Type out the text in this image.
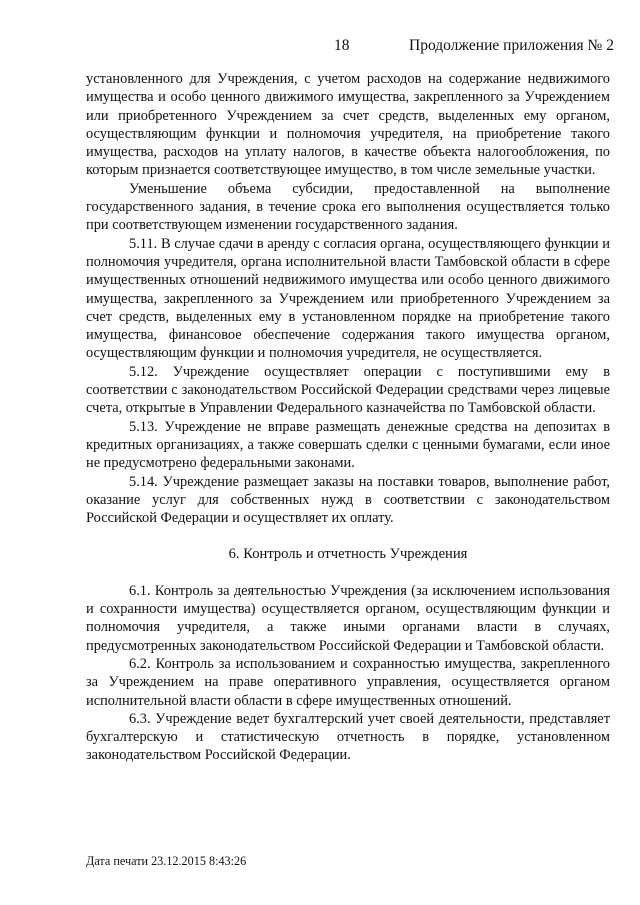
18	Продолжение приложения № 2

установленного для Учреждения, с учетом расходов на содержание недвижимого имущества и особо ценного движимого имущества, закрепленного за Учреждением или приобретенного Учреждением за счет средств, выделенных ему органом, осуществляющим функции и полномочия учредителя, на приобретение такого имущества, расходов на уплату налогов, в качестве объекта налогообложения, по которым признается соответствующее имущество, в том числе земельные участки.

Уменьшение объема субсидии, предоставленной на выполнение государственного задания, в течение срока его выполнения осуществляется только при соответствующем изменении государственного задания.

5.11. В случае сдачи в аренду с согласия органа, осуществляющего функции и полномочия учредителя, органа исполнительной власти Тамбовской области в сфере имущественных отношений недвижимого имущества или особо ценного движимого имущества, закрепленного за Учреждением или приобретенного Учреждением за счет средств, выделенных ему в установленном порядке на приобретение такого имущества, финансовое обеспечение содержания такого имущества органом, осуществляющим функции и полномочия учредителя, не осуществляется.

5.12. Учреждение осуществляет операции с поступившими ему в соответствии с законодательством Российской Федерации средствами через лицевые счета, открытые в Управлении Федерального казначейства по Тамбовской области.

5.13. Учреждение не вправе размещать денежные средства на депозитах в кредитных организациях, а также совершать сделки с ценными бумагами, если иное не предусмотрено федеральными законами.

5.14. Учреждение размещает заказы на поставки товаров, выполнение работ, оказание услуг для собственных нужд в соответствии с законодательством Российской Федерации и осуществляет их оплату.

6. Контроль и отчетность Учреждения

6.1. Контроль за деятельностью Учреждения (за исключением использования и сохранности имущества) осуществляется органом, осуществляющим функции и полномочия учредителя, а также иными органами власти в случаях, предусмотренных законодательством Российской Федерации и Тамбовской области.

6.2. Контроль за использованием и сохранностью имущества, закрепленного за Учреждением на праве оперативного управления, осуществляется органом исполнительной власти области в сфере имущественных отношений.

6.3. Учреждение ведет бухгалтерский учет своей деятельности, представляет бухгалтерскую и статистическую отчетность в порядке, установленном законодательством Российской Федерации.

Дата печати 23.12.2015 8:43:26
